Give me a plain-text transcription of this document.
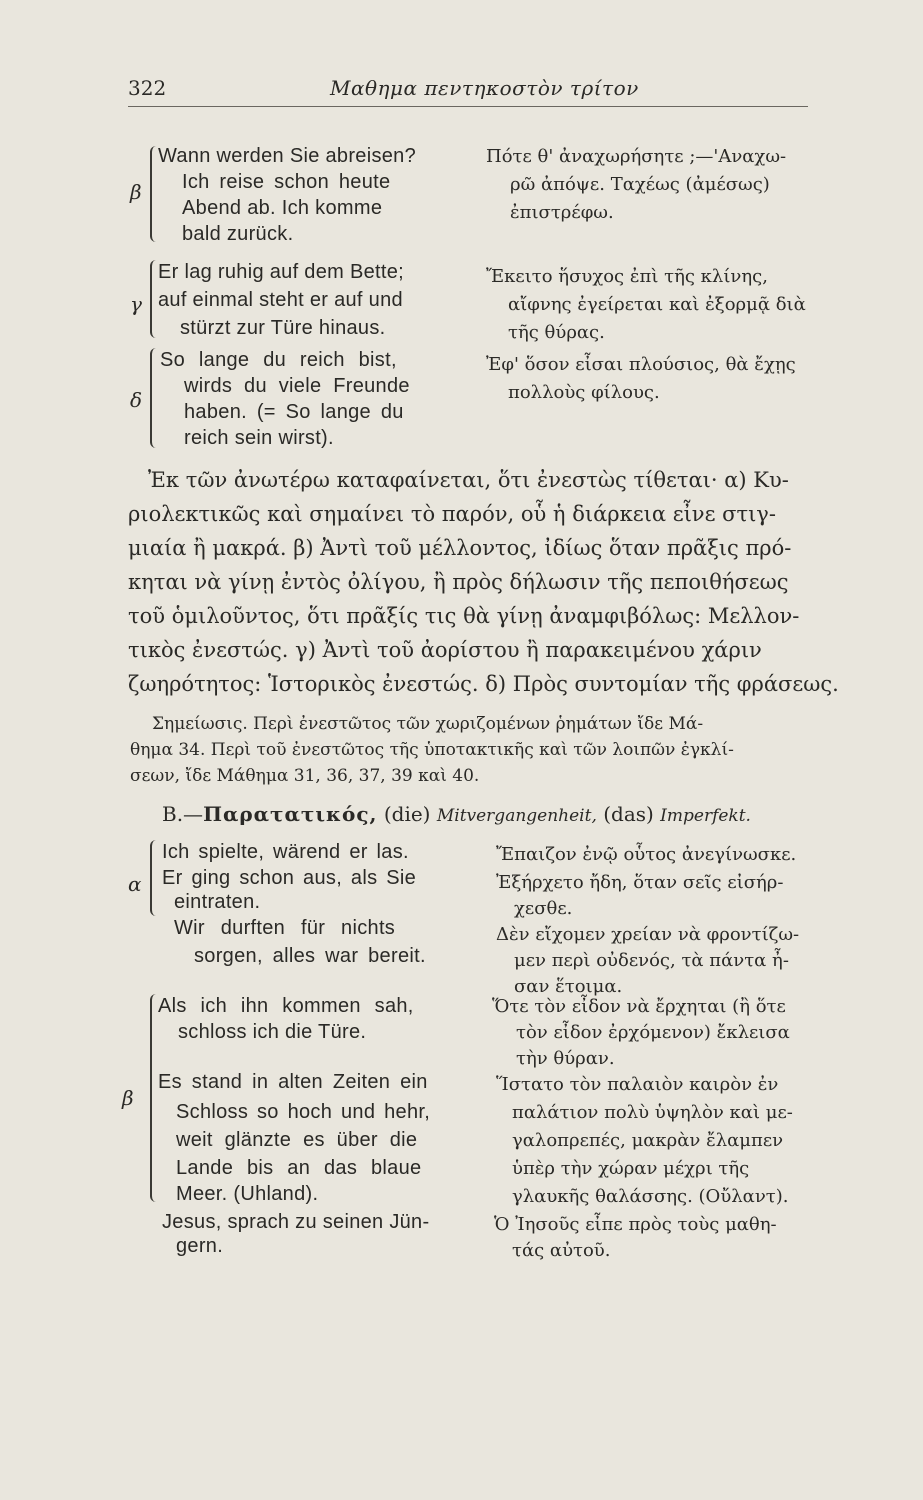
322	Μαθημα πεντηκοστὸν τρίτον
β
Wann werden Sie abreisen?
Ich reise schon heute
Abend ab. Ich komme
bald zurück.
Πότε θ' ἀναχωρήσητε ;—'Αναχω-
ρῶ ἀπόψε. Ταχέως (ἀμέσως)
ἐπιστρέφω.
γ
Er lag ruhig auf dem Bette;
auf einmal steht er auf und
stürzt zur Türe hinaus.
Ἔκειτο ἥσυχος ἐπὶ τῆς κλίνης,
αἴφνης ἐγείρεται καὶ ἐξορμᾷ διὰ
τῆς θύρας.
δ
So lange du reich bist,
wirds du viele Freunde
haben. (= So lange du
reich sein wirst).
Ἐφ' ὅσον εἶσαι πλούσιος, θὰ ἔχῃς
πολλοὺς φίλους.
Ἐκ τῶν ἀνωτέρω καταφαίνεται, ὅτι ἐνεστὼς τίθεται· α) Κυ-
ριολεκτικῶς καὶ σημαίνει τὸ παρόν, οὗ ἡ διάρκεια εἶνε στιγ-
μιαία ἢ μακρά. β) Ἀντὶ τοῦ μέλλοντος, ἰδίως ὅταν πρᾶξις πρό-
κηται νὰ γίνῃ ἐντὸς ὀλίγου, ἢ πρὸς δήλωσιν τῆς πεποιθήσεως
τοῦ ὁμιλοῦντος, ὅτι πρᾶξίς τις θὰ γίνῃ ἀναμφιβόλως: Μελλον-
τικὸς ἐνεστώς. γ) Ἀντὶ τοῦ ἀορίστου ἢ παρακειμένου χάριν
ζωηρότητος: Ἱστορικὸς ἐνεστώς. δ) Πρὸς συντομίαν τῆς φράσεως.
Σημείωσις. Περὶ ἐνεστῶτος τῶν χωριζομένων ῥημάτων ἴδε Μά-
θημα 34. Περὶ τοῦ ἐνεστῶτος τῆς ὑποτακτικῆς καὶ τῶν λοιπῶν ἐγκλί-
σεων, ἴδε Μάθημα 31, 36, 37, 39 καὶ 40.
B.—Παρατατικός, (die) Mitvergangenheit, (das) Imperfekt.
α
Ich spielte, wärend er las.
Er ging schon aus, als Sie
eintraten.
Wir durften für nichts
sorgen, alles war bereit.
Ἔπαιζον ἐνῷ οὗτος ἀνεγίνωσκε.
Ἐξήρχετο ἤδη, ὅταν σεῖς εἰσήρ-
χεσθε.
Δὲν εἴχομεν χρείαν νὰ φροντίζω-
μεν περὶ οὐδενός, τὰ πάντα ἦ-
σαν ἕτοιμα.
β
Als ich ihn kommen sah,
schloss ich die Türe.
Es stand in alten Zeiten ein
Schloss so hoch und hehr,
weit glänzte es über die
Lande bis an das blaue
Meer. (Uhland).
Jesus, sprach zu seinen Jün-
gern.
Ὅτε τὸν εἶδον νὰ ἔρχηται (ἢ ὅτε
τὸν εἶδον ἐρχόμενον) ἔκλεισα
τὴν θύραν.
Ἵστατο τὸν παλαιὸν καιρὸν ἐν
παλάτιον πολὺ ὑψηλὸν καὶ με-
γαλοπρεπές, μακρὰν ἔλαμπεν
ὑπὲρ τὴν χώραν μέχρι τῆς
γλαυκῆς θαλάσσης. (Οὔλαντ).
Ὁ Ἰησοῦς εἶπε πρὸς τοὺς μαθη-
τάς αὐτοῦ.
